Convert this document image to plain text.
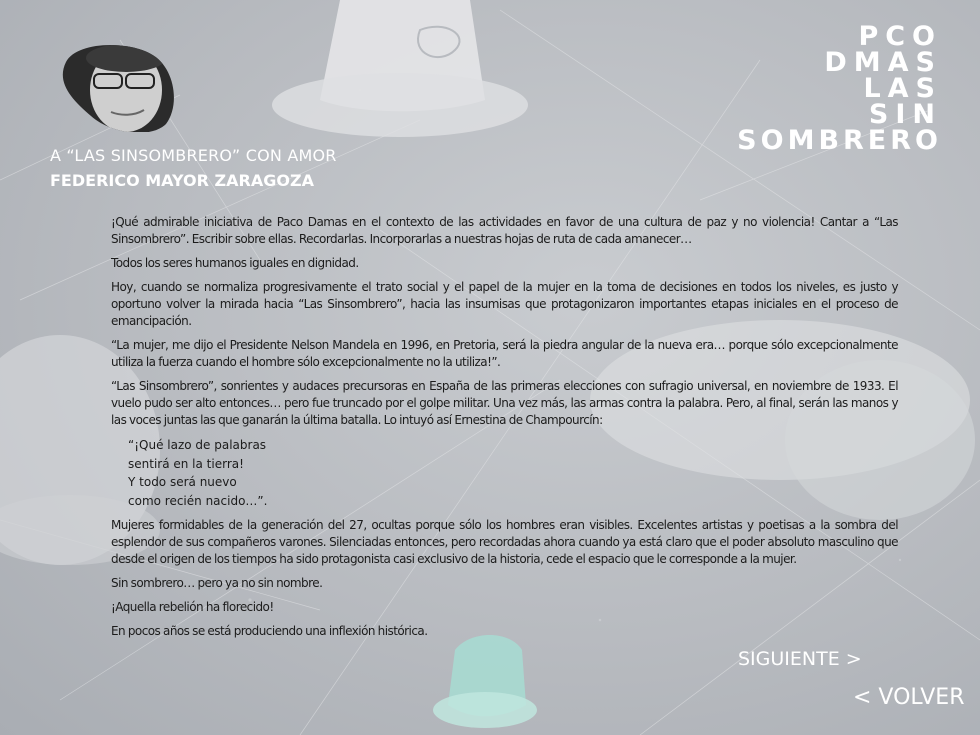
A “LAS SINSOMBRERO” CON AMOR
FEDERICO MAYOR ZARAGOZA
PCO
DMAS
LAS
SIN
SOMBRERO

¡Qué admirable iniciativa de Paco Damas en el contexto de las actividades en favor de una cultura de paz y no violencia! Cantar a “Las Sinsombrero”. Escribir sobre ellas. Recordarlas. Incorporarlas a nuestras hojas de ruta de cada amanecer…

Todos los seres humanos iguales en dignidad.

Hoy, cuando se normaliza progresivamente el trato social y el papel de la mujer en la toma de decisiones en todos los niveles, es justo y oportuno volver la mirada hacia “Las Sinsombrero”, hacia las insumisas que protagonizaron importantes etapas iniciales en el proceso de emancipación.

“La mujer, me dijo el Presidente Nelson Mandela en 1996, en Pretoria, será la piedra angular de la nueva era… porque sólo excepcionalmente utiliza la fuerza cuando el hombre sólo excepcionalmente no la utiliza!”.

“Las Sinsombrero”, sonrientes y audaces precursoras en España de las primeras elecciones con sufragio universal, en noviembre de 1933. El vuelo pudo ser alto entonces… pero fue truncado por el golpe militar. Una vez más, las armas contra la palabra. Pero, al final, serán las manos y las voces juntas las que ganarán la última batalla. Lo intuyó así Ernestina de Champourcín:

“¡Qué lazo de palabras
sentirá en la tierra!
Y todo será nuevo
como recién nacido…”.

Mujeres formidables de la generación del 27, ocultas porque sólo los hombres eran visibles. Excelentes artistas y poetisas a la sombra del esplendor de sus compañeros varones. Silenciadas entonces, pero recordadas ahora cuando ya está claro que el poder absoluto masculino que desde el origen de los tiempos ha sido protagonista casi exclusivo de la historia, cede el espacio que le corresponde a la mujer.

Sin sombrero… pero ya no sin nombre.

¡Aquella rebelión ha florecido!

En pocos años se está produciendo una inflexión histórica.

SIGUIENTE >
< VOLVER
